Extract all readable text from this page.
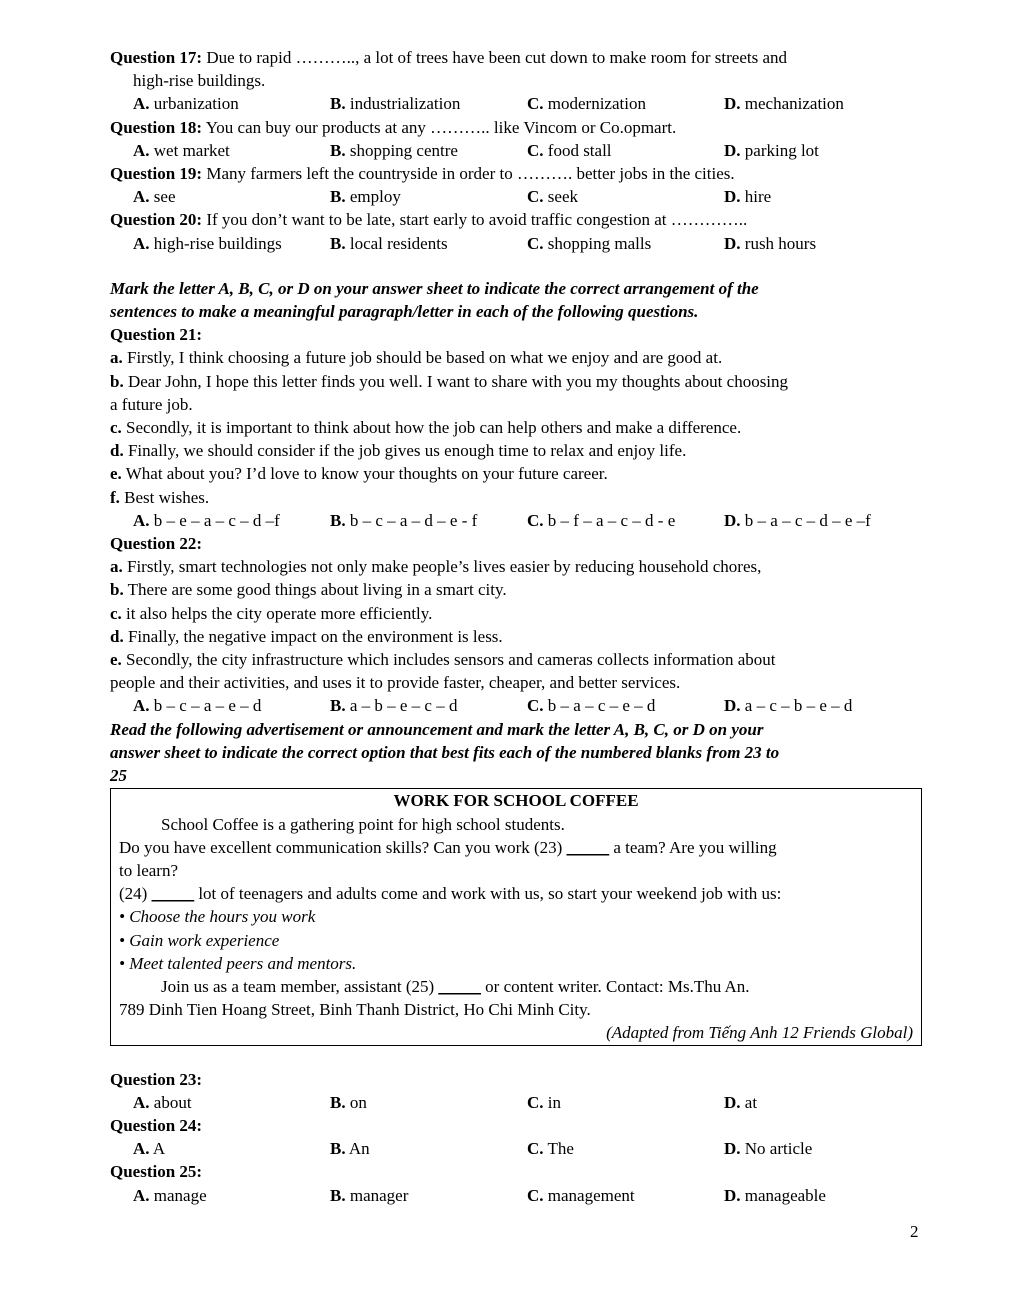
Question 17: Due to rapid ……….., a lot of trees have been cut down to make room for streets and
high-rise buildings.
A. urbanization	B. industrialization	C. modernization	D. mechanization
Question 18: You can buy our products at any ……….. like Vincom or Co.opmart.
A. wet market	B. shopping centre	C. food stall	D. parking lot
Question 19: Many farmers left the countryside in order to ………. better jobs in the cities.
A. see	B. employ	C. seek	D. hire
Question 20: If you don’t want to be late, start early to avoid traffic congestion at …………..
A. high-rise buildings	B. local residents	C. shopping malls	D. rush hours
Mark the letter A, B, C, or D on your answer sheet to indicate the correct arrangement of the
sentences to make a meaningful paragraph/letter in each of the following questions.
Question 21:
a. Firstly, I think choosing a future job should be based on what we enjoy and are good at.
b. Dear John, I hope this letter finds you well. I want to share with you my thoughts about choosing
a future job.
c. Secondly, it is important to think about how the job can help others and make a difference.
d. Finally, we should consider if the job gives us enough time to relax and enjoy life.
e. What about you? I’d love to know your thoughts on your future career.
f. Best wishes.
A. b – e – a – c – d –f	B. b – c – a – d – e - f	C. b – f – a – c – d - e	D. b – a – c – d – e –f
Question 22:
a. Firstly, smart technologies not only make people’s lives easier by reducing household chores,
b. There are some good things about living in a smart city.
c. it also helps the city operate more efficiently.
d. Finally, the negative impact on the environment is less.
e. Secondly, the city infrastructure which includes sensors and cameras collects information about
people and their activities, and uses it to provide faster, cheaper, and better services.
A. b – c – a – e – d	B. a – b – e – c – d	C. b – a – c – e – d	D. a – c – b – e – d
Read the following advertisement or announcement and mark the letter A, B, C, or D on your
answer sheet to indicate the correct option that best fits each of the numbered blanks from 23 to
25
WORK FOR SCHOOL COFFEE
School Coffee is a gathering point for high school students.
Do you have excellent communication skills? Can you work (23) _____ a team? Are you willing
to learn?
(24) _____ lot of teenagers and adults come and work with us, so start your weekend job with us:
• Choose the hours you work
• Gain work experience
• Meet talented peers and mentors.
Join us as a team member, assistant (25) _____ or content writer. Contact: Ms.Thu An.
789 Dinh Tien Hoang Street, Binh Thanh District, Ho Chi Minh City.
(Adapted from Tiếng Anh 12 Friends Global)
Question 23:
A. about	B. on	C. in	D. at
Question 24:
A. A	B. An	C. The	D. No article
Question 25:
A. manage	B. manager	C. management	D. manageable
2
